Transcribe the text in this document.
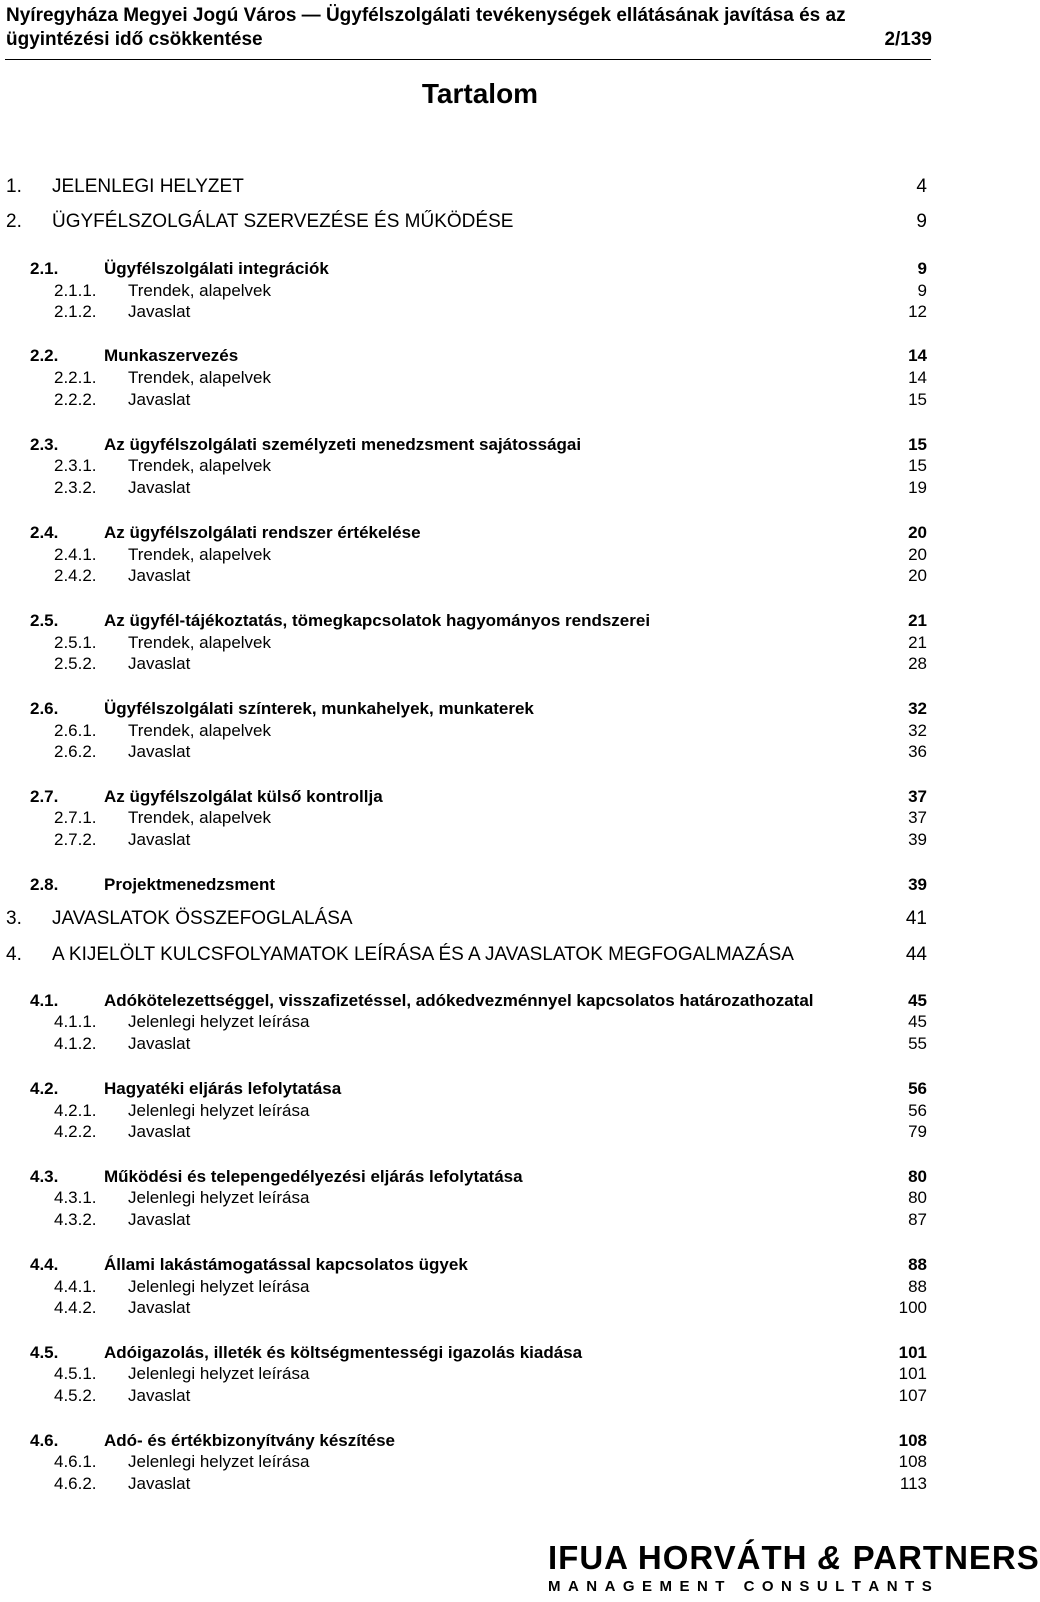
Nyíregyháza Megyei Jogú Város — Ügyfélszolgálati tevékenységek ellátásának javítása és az
ügyintézési idő csökkentése	2/139
Tartalom
1. JELENLEGI HELYZET	4
2. ÜGYFÉLSZOLGÁLAT SZERVEZÉSE ÉS MŰKÖDÉSE	9
2.1.	Ügyfélszolgálati integrációk	9
2.1.1. Trendek, alapelvek	9
2.1.2. Javaslat	12
2.2.	Munkaszervezés	14
2.2.1. Trendek, alapelvek	14
2.2.2. Javaslat	15
2.3.	Az ügyfélszolgálati személyzeti menedzsment sajátosságai	15
2.3.1. Trendek, alapelvek	15
2.3.2. Javaslat	19
2.4.	Az ügyfélszolgálati rendszer értékelése	20
2.4.1. Trendek, alapelvek	20
2.4.2. Javaslat	20
2.5.	Az ügyfél-tájékoztatás, tömegkapcsolatok hagyományos rendszerei	21
2.5.1. Trendek, alapelvek	21
2.5.2. Javaslat	28
2.6.	Ügyfélszolgálati színterek, munkahelyek, munkaterek	32
2.6.1. Trendek, alapelvek	32
2.6.2. Javaslat	36
2.7.	Az ügyfélszolgálat külső kontrollja	37
2.7.1. Trendek, alapelvek	37
2.7.2. Javaslat	39
2.8.	Projektmenedzsment	39
3. JAVASLATOK ÖSSZEFOGLALÁSA	41
4. A KIJELÖLT KULCSFOLYAMATOK LEÍRÁSA ÉS A JAVASLATOK MEGFOGALMAZÁSA	44
4.1.	Adókötelezettséggel, visszafizetéssel, adókedvezménnyel kapcsolatos határozathozatal	45
4.1.1. Jelenlegi helyzet leírása	45
4.1.2. Javaslat	55
4.2.	Hagyatéki eljárás lefolytatása	56
4.2.1. Jelenlegi helyzet leírása	56
4.2.2. Javaslat	79
4.3.	Működési és telepengedélyezési eljárás lefolytatása	80
4.3.1. Jelenlegi helyzet leírása	80
4.3.2. Javaslat	87
4.4.	Állami lakástámogatással kapcsolatos ügyek	88
4.4.1. Jelenlegi helyzet leírása	88
4.4.2. Javaslat	100
4.5.	Adóigazolás, illeték és költségmentességi igazolás kiadása	101
4.5.1. Jelenlegi helyzet leírása	101
4.5.2. Javaslat	107
4.6.	Adó- és értékbizonyítvány készítése	108
4.6.1. Jelenlegi helyzet leírása	108
4.6.2. Javaslat	113
IFUA HORVÁTH & PARTNERS
M A N A G E M E N T
C O N S U L T A N T S
